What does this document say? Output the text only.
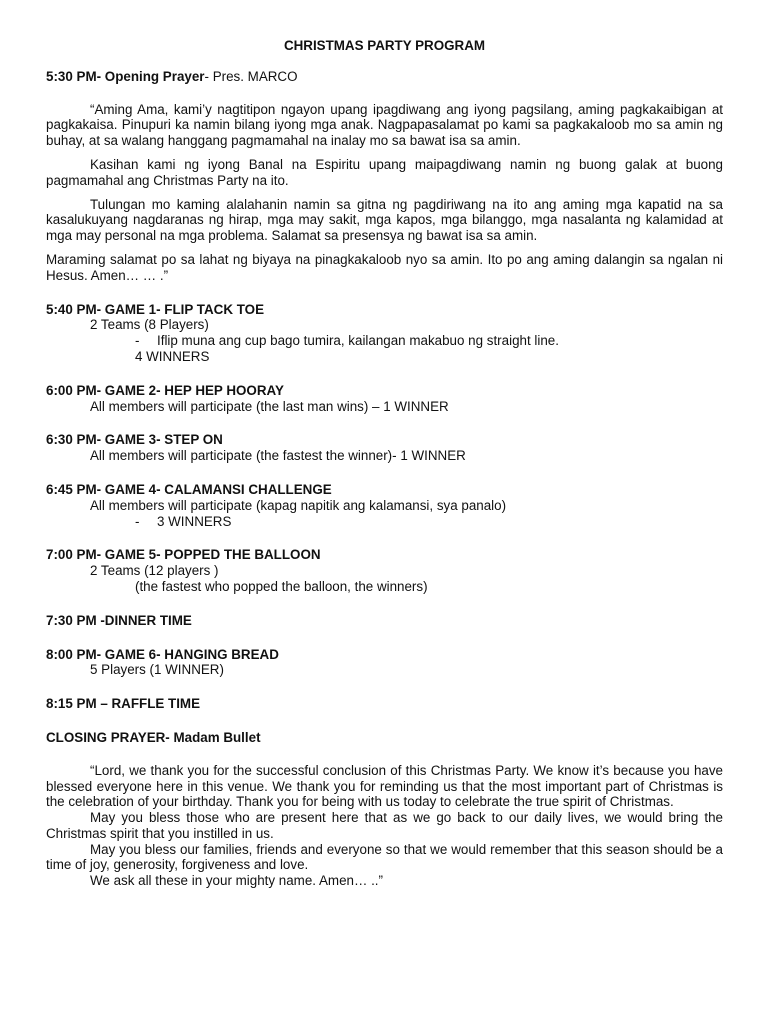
CHRISTMAS PARTY PROGRAM
5:30 PM- Opening Prayer- Pres. MARCO

“Aming Ama, kami’y nagtitipon ngayon upang ipagdiwang ang iyong pagsilang, aming pagkakaibigan at pagkakaisa. Pinupuri ka namin bilang iyong mga anak. Nagpapasalamat po kami sa pagkakaloob mo sa amin ng buhay, at sa walang hanggang pagmamahal na inalay mo sa bawat isa sa amin.

Kasihan kami ng iyong Banal na Espiritu upang maipagdiwang namin ng buong galak at buong pagmamahal ang Christmas Party na ito.

Tulungan mo kaming alalahanin namin sa gitna ng pagdiriwang na ito ang aming mga kapatid na sa kasalukuyang nagdaranas ng hirap, mga may sakit, mga kapos, mga bilanggo, mga nasalanta ng kalamidad at mga may personal na mga problema. Salamat sa presensya ng bawat isa sa amin.

Maraming salamat po sa lahat ng biyaya na pinagkakaloob nyo sa amin. Ito po ang aming dalangin sa ngalan ni Hesus. Amen… … .”

5:40 PM- GAME 1- FLIP TACK TOE

2 Teams (8 Players)

- Iflip muna ang cup bago tumira, kailangan makabuo ng straight line.

4 WINNERS

6:00 PM- GAME 2- HEP HEP HOORAY

All members will participate (the last man wins) – 1 WINNER

6:30 PM- GAME 3- STEP ON

All members will participate (the fastest the winner)- 1 WINNER

6:45 PM- GAME 4- CALAMANSI CHALLENGE

All members will participate (kapag napitik ang kalamansi, sya panalo)

- 3 WINNERS

7:00 PM- GAME 5- POPPED THE BALLOON

2 Teams (12 players )

(the fastest who popped the balloon, the winners)

7:30 PM -DINNER TIME
8:00 PM- GAME 6- HANGING BREAD

5 Players (1 WINNER)

8:15 PM – RAFFLE TIME
CLOSING PRAYER- Madam Bullet

“Lord, we thank you for the successful conclusion of this Christmas Party. We know it’s because you have blessed everyone here in this venue. We thank you for reminding us that the most important part of Christmas is the celebration of your birthday. Thank you for being with us today to celebrate the true spirit of Christmas.

May you bless those who are present here that as we go back to our daily lives, we would bring the Christmas spirit that you instilled in us.

May you bless our families, friends and everyone so that we would remember that this season should be a time of joy, generosity, forgiveness and love.

We ask all these in your mighty name. Amen… ..”
